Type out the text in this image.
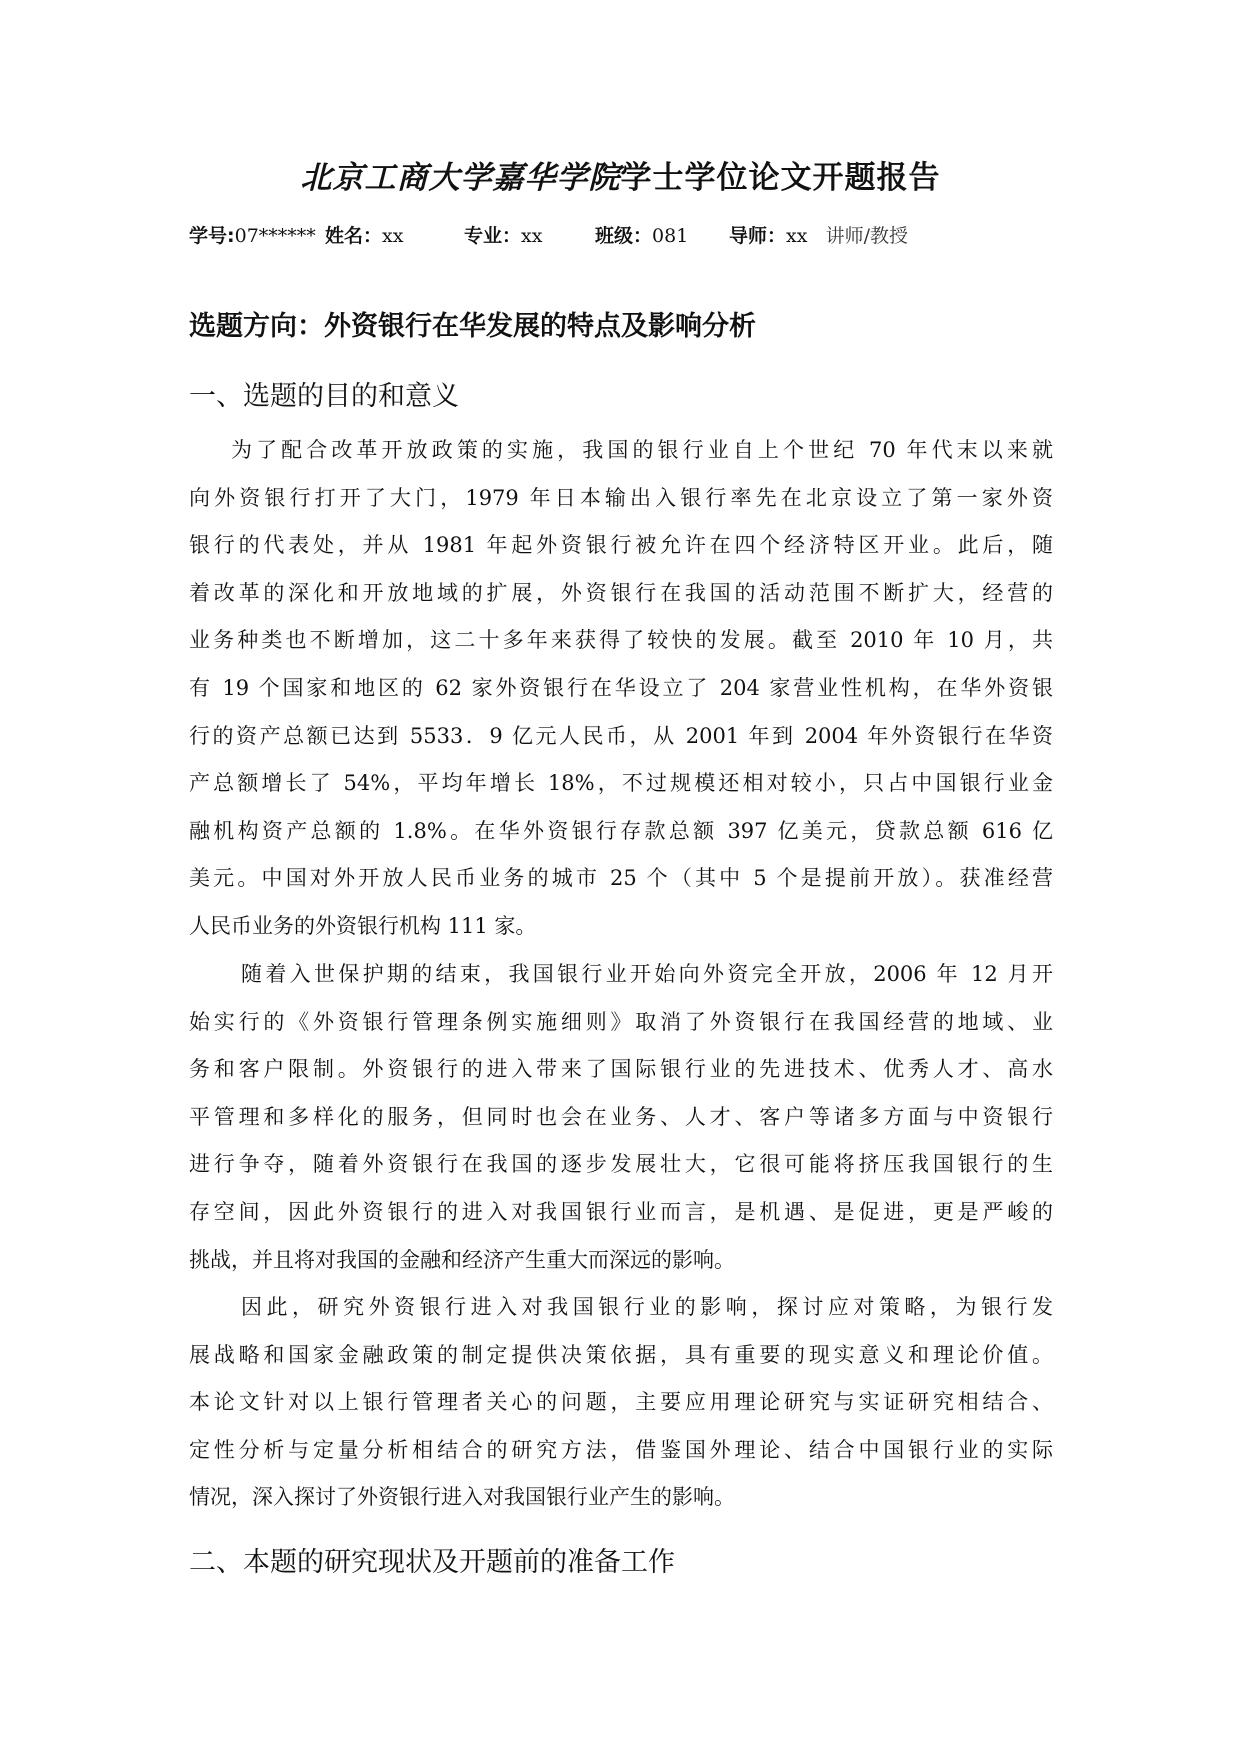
北京工商大学嘉华学院学士学位论文开题报告
学号:07****** 姓名：xx	专业：xx	班级：081 导师：xx 讲师/教授
选题方向：外资银行在华发展的特点及影响分析
一、选题的目的和意义
为了配合改革开放政策的实施，我国的银行业自上个世纪 70 年代末以来就
向外资银行打开了大门，1979 年日本输出入银行率先在北京设立了第一家外资
银行的代表处，并从 1981 年起外资银行被允许在四个经济特区开业。此后，随
着改革的深化和开放地域的扩展，外资银行在我国的活动范围不断扩大，经营的
业务种类也不断增加，这二十多年来获得了较快的发展。截至 2010 年 10 月，共
有 19 个国家和地区的 62 家外资银行在华设立了 204 家营业性机构，在华外资银
行的资产总额已达到 5533．9 亿元人民币，从 2001 年到 2004 年外资银行在华资
产总额增长了 54%，平均年增长 18%，不过规模还相对较小，只占中国银行业金
融机构资产总额的 1.8%。在华外资银行存款总额 397 亿美元，贷款总额 616 亿
美元。中国对外开放人民币业务的城市 25 个（其中 5 个是提前开放）。获准经营
人民币业务的外资银行机构 111 家。
随着入世保护期的结束，我国银行业开始向外资完全开放，2006 年 12 月开
始实行的《外资银行管理条例实施细则》取消了外资银行在我国经营的地域、业
务和客户限制。外资银行的进入带来了国际银行业的先进技术、优秀人才、高水
平管理和多样化的服务，但同时也会在业务、人才、客户等诸多方面与中资银行
进行争夺，随着外资银行在我国的逐步发展壮大，它很可能将挤压我国银行的生
存空间，因此外资银行的进入对我国银行业而言，是机遇、是促进，更是严峻的
挑战，并且将对我国的金融和经济产生重大而深远的影响。
因此，研究外资银行进入对我国银行业的影响，探讨应对策略，为银行发
展战略和国家金融政策的制定提供决策依据，具有重要的现实意义和理论价值。
本论文针对以上银行管理者关心的问题，主要应用理论研究与实证研究相结合、
定性分析与定量分析相结合的研究方法，借鉴国外理论、结合中国银行业的实际
情况，深入探讨了外资银行进入对我国银行业产生的影响。
二、本题的研究现状及开题前的准备工作
